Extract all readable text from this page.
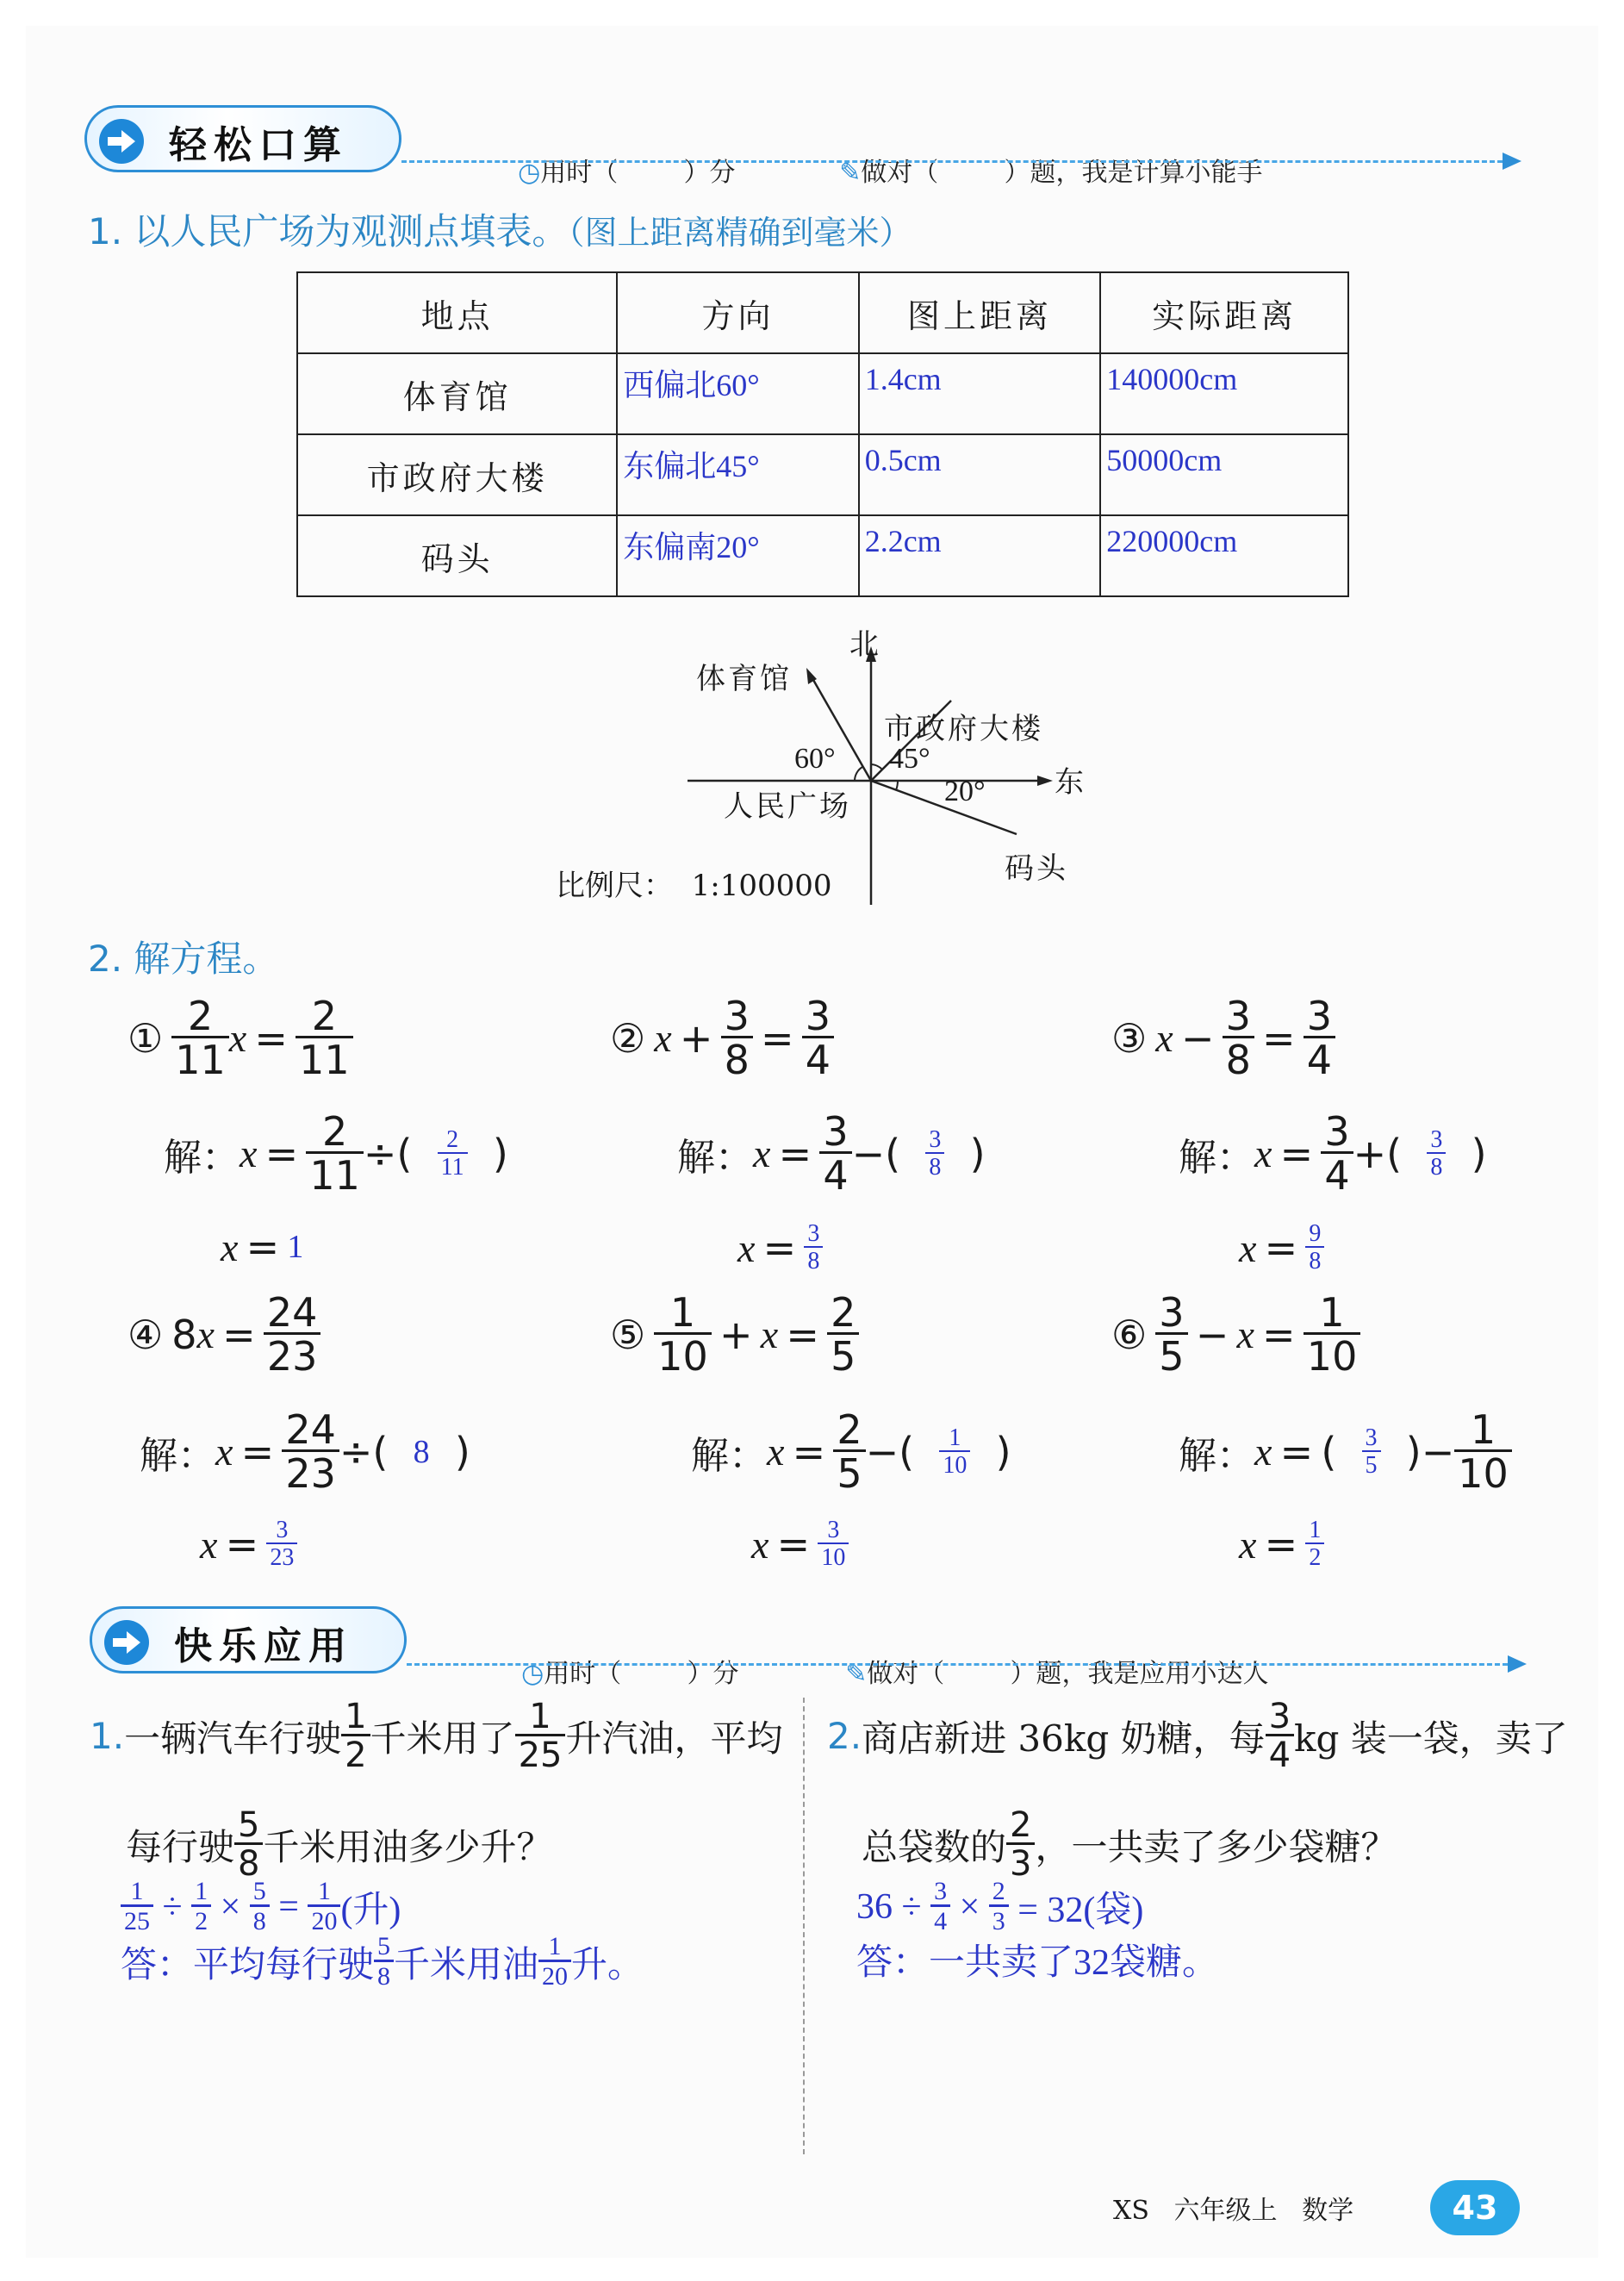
轻松口算

◷用时（        ）分	✎做对（        ）题，我是计算小能手

1. 以人民广场为观测点填表。（图上距离精确到毫米）
地点	方向	图上距离	实际距离
体育馆	西偏北60°	1.4cm	140000cm
市政府大楼	东偏北45°	0.5cm	50000cm
码头	东偏南20°	2.2cm	220000cm
北
东
体育馆
市政府大楼
人民广场
码头
60° 45°
20°
比例尺：  1:100000
2. 解方程。
① $\frac{2}{11}$ $x = \frac{2}{11}$
解： $x = \frac{2}{11}$ ÷( $\frac{2}{11}$ )
x  =  1
② $x + \frac{3}{8} = \frac{3}{4}$
解： $x = \frac{3}{4}$ −( $\frac{3}{8}$ )
$x = \frac{3}{8}$
③ $x - \frac{3}{8} = \frac{3}{4}$
解： $x = \frac{3}{4}$ +( $\frac{3}{8}$ )
$x = \frac{9}{8}$
④ 8 $x = \frac{24}{23}$
解： $x = \frac{24}{23}$ ÷( 8 )
$x = \frac{3}{23}$
⑤ $\frac{1}{10} + x = \frac{2}{5}$
解： $x = \frac{2}{5}$ −( $\frac{1}{10}$ )
$x = \frac{3}{10}$
⑥ $\frac{3}{5} - x = \frac{1}{10}$
解： x  = ( $\frac{3}{5}$ )− $\frac{1}{10}$
$x = \frac{1}{2}$
快乐应用

◷用时（        ）分	✎做对（        ）题，我是应用小达人

1. 一辆汽车行驶 $\frac{1}{2}$ 千米用了 $\frac{1}{25}$ 升汽油，平均
每行驶 $\frac{5}{8}$ 千米用油多少升？
$\frac{1}{25} \div \frac{1}{2} \times \frac{5}{8} = \frac{1}{20}$ (升)
答：平均每行驶 $\frac{5}{8}$ 千米用油 $\frac{1}{20}$ 升。
2. 商店新进 36kg 奶糖，每 $\frac{3}{4}$ kg 装一袋，卖了
总袋数的 $\frac{2}{3}$ ，一共卖了多少袋糖？
36 ÷
$\frac{3}{4} \times \frac{2}{3}$
= 32(袋)
答：一共卖了32袋糖。
XS   六年级上   数学	43
